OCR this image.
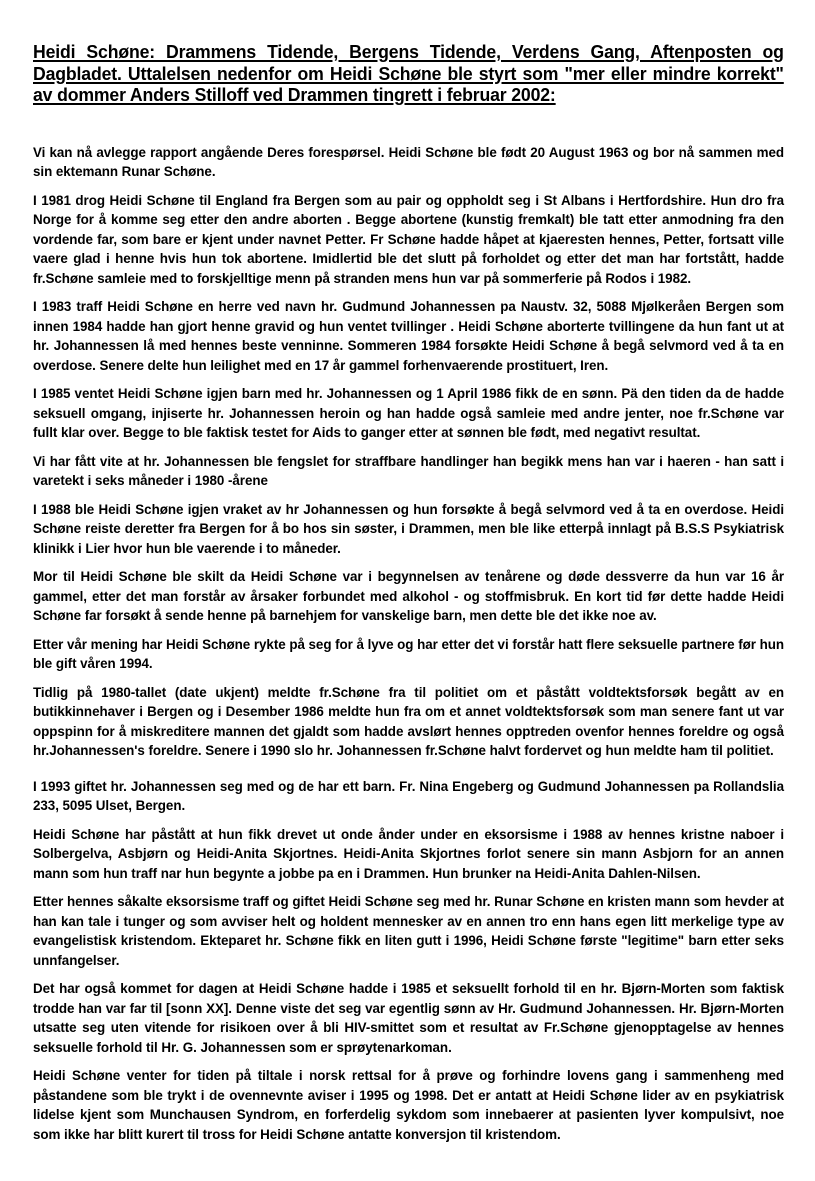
Heidi Schøne: Drammens Tidende, Bergens Tidende, Verdens Gang, Aftenposten og Dagbladet. Uttalelsen nedenfor om Heidi Schøne ble styrt som "mer eller mindre korrekt" av dommer Anders Stilloff ved Drammen tingrett i februar 2002:

Vi kan nå avlegge rapport angående Deres forespørsel. Heidi Schøne ble født 20 August 1963 og bor nå sammen med sin ektemann Runar Schøne.

I 1981 drog Heidi Schøne til England fra Bergen som au pair og oppholdt seg i St Albans i Hertfordshire. Hun dro fra Norge for å komme seg etter den andre aborten . Begge abortene (kunstig fremkalt) ble tatt etter anmodning fra den vordende far, som bare er kjent under navnet Petter. Fr Schøne hadde håpet at kjaeresten hennes, Petter, fortsatt ville vaere glad i henne hvis hun tok abortene. Imidlertid ble det slutt på forholdet og etter det man har fortstått, hadde fr.Schøne samleie med to forskjelltige menn på stranden mens hun var på sommerferie på Rodos i 1982.

I 1983 traff Heidi Schøne en herre ved navn hr. Gudmund Johannessen pa Naustv. 32, 5088 Mjølkeråen Bergen som innen 1984 hadde han gjort henne gravid og hun ventet tvillinger . Heidi Schøne aborterte tvillingene da hun fant ut at hr. Johannessen lå med hennes beste venninne. Sommeren 1984 forsøkte Heidi Schøne å begå selvmord ved å ta en overdose. Senere delte hun leilighet med en 17 år gammel forhenvaerende prostituert, Iren.

I 1985 ventet Heidi Schøne igjen barn med hr. Johannessen og 1 April 1986 fikk de en sønn. Pä den tiden da de hadde seksuell omgang, injiserte hr. Johannessen heroin og han hadde også samleie med andre jenter, noe fr.Schøne var fullt klar over. Begge to ble faktisk testet for Aids to ganger etter at sønnen ble født, med negativt resultat.

Vi har fått vite at hr. Johannessen ble fengslet for straffbare handlinger han begikk mens han var i haeren - han satt i varetekt i seks måneder i 1980 -årene

I 1988 ble Heidi Schøne igjen vraket av hr Johannessen og hun forsøkte å begå selvmord ved å ta en overdose. Heidi Schøne reiste deretter fra Bergen for å bo hos sin søster, i Drammen, men ble like etterpå innlagt på B.S.S Psykiatrisk klinikk i Lier hvor hun ble vaerende i to måneder.

Mor til Heidi Schøne ble skilt da Heidi Schøne var i begynnelsen av tenårene og døde dessverre da hun var 16 år gammel, etter det man forstår av årsaker forbundet med alkohol - og stoffmisbruk. En kort tid før dette hadde Heidi Schøne far forsøkt å sende henne på barnehjem for vanskelige barn, men dette ble det ikke noe av.

Etter vår mening har Heidi Schøne rykte på seg for å lyve og har etter det vi forstår hatt flere seksuelle partnere før hun ble gift våren 1994.

Tidlig på 1980-tallet (date ukjent) meldte fr.Schøne fra til politiet om et påstått voldtektsforsøk begått av en butikkinnehaver i Bergen og i Desember 1986 meldte hun fra om et annet voldtektsforsøk som man senere fant ut var oppspinn for å miskreditere mannen det gjaldt som hadde avslørt hennes opptreden ovenfor hennes foreldre og også hr.Johannessen's foreldre. Senere i 1990 slo hr. Johannessen fr.Schøne halvt fordervet og hun meldte ham til politiet.

I 1993 giftet hr. Johannessen seg med og de har ett barn. Fr. Nina Engeberg og Gudmund Johannessen pa Rollandslia 233, 5095 Ulset, Bergen.

Heidi Schøne har påstått at hun fikk drevet ut onde ånder under en eksorsisme i 1988 av hennes kristne naboer i Solbergelva, Asbjørn og Heidi-Anita Skjortnes. Heidi-Anita Skjortnes forlot senere sin mann Asbjorn for an annen mann som hun traff nar hun begynte a jobbe pa en i Drammen. Hun brunker na Heidi-Anita Dahlen-Nilsen.

Etter hennes såkalte eksorsisme traff og giftet Heidi Schøne seg med hr. Runar Schøne en kristen mann som hevder at han kan tale i tunger og som avviser helt og holdent mennesker av en annen tro enn hans egen litt merkelige type av evangelistisk kristendom. Ekteparet hr. Schøne fikk en liten gutt i 1996, Heidi Schøne første "legitime" barn etter seks unnfangelser.

Det har også kommet for dagen at Heidi Schøne hadde i 1985 et seksuellt forhold til en hr. Bjørn-Morten som faktisk trodde han var far til [sonn XX]. Denne viste det seg var egentlig sønn av Hr. Gudmund Johannessen. Hr. Bjørn-Morten utsatte seg uten vitende for risikoen over å bli HIV-smittet som et resultat av Fr.Schøne gjenopptagelse av hennes seksuelle forhold til Hr. G. Johannessen som er sprøytenarkoman.

Heidi Schøne venter for tiden på tiltale i norsk rettsal for å prøve og forhindre lovens gang i sammenheng med påstandene som ble trykt i de ovennevnte aviser i 1995 og 1998. Det er antatt at Heidi Schøne lider av en psykiatrisk lidelse kjent som Munchausen Syndrom, en forferdelig sykdom som innebaerer at pasienten lyver kompulsivt, noe som ikke har blitt kurert til tross for Heidi Schøne antatte konversjon til kristendom.
